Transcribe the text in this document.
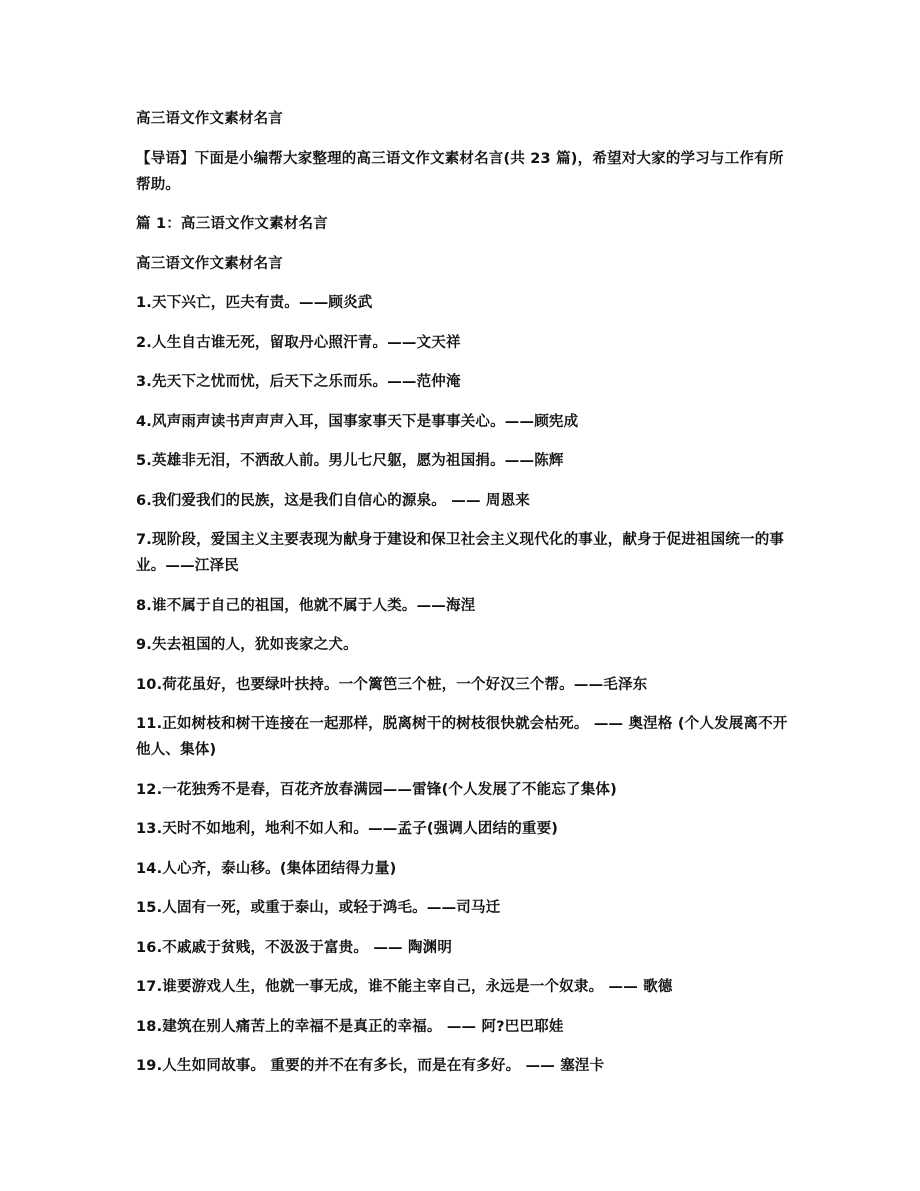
高三语文作文素材名言

【导语】下面是小编帮大家整理的高三语文作文素材名言(共 23 篇)，希望对大家的学习与工作有所帮助。

篇 1：高三语文作文素材名言

高三语文作文素材名言

1.天下兴亡，匹夫有责。——顾炎武

2.人生自古谁无死，留取丹心照汗青。——文天祥

3.先天下之忧而忧，后天下之乐而乐。——范仲淹

4.风声雨声读书声声声入耳，国事家事天下是事事关心。——顾宪成

5.英雄非无泪，不洒敌人前。男儿七尺躯，愿为祖国捐。——陈辉

6.我们爱我们的民族，这是我们自信心的源泉。 —— 周恩来

7.现阶段，爱国主义主要表现为献身于建设和保卫社会主义现代化的事业，献身于促进祖国统一的事业。——江泽民

8.谁不属于自己的祖国，他就不属于人类。——海涅

9.失去祖国的人，犹如丧家之犬。

10.荷花虽好，也要绿叶扶持。一个篱笆三个桩，一个好汉三个帮。——毛泽东

11.正如树枝和树干连接在一起那样，脱离树干的树枝很快就会枯死。 —— 奥涅格 (个人发展离不开他人、集体)

12.一花独秀不是春，百花齐放春满园——雷锋(个人发展了不能忘了集体)

13.天时不如地利，地利不如人和。——孟子(强调人团结的重要)

14.人心齐，泰山移。(集体团结得力量)

15.人固有一死，或重于泰山，或轻于鸿毛。——司马迁

16.不戚戚于贫贱，不汲汲于富贵。 —— 陶渊明

17.谁要游戏人生，他就一事无成，谁不能主宰自己，永远是一个奴隶。 —— 歌德

18.建筑在别人痛苦上的幸福不是真正的幸福。 —— 阿?巴巴耶娃

19.人生如同故事。 重要的并不在有多长，而是在有多好。 —— 塞涅卡
